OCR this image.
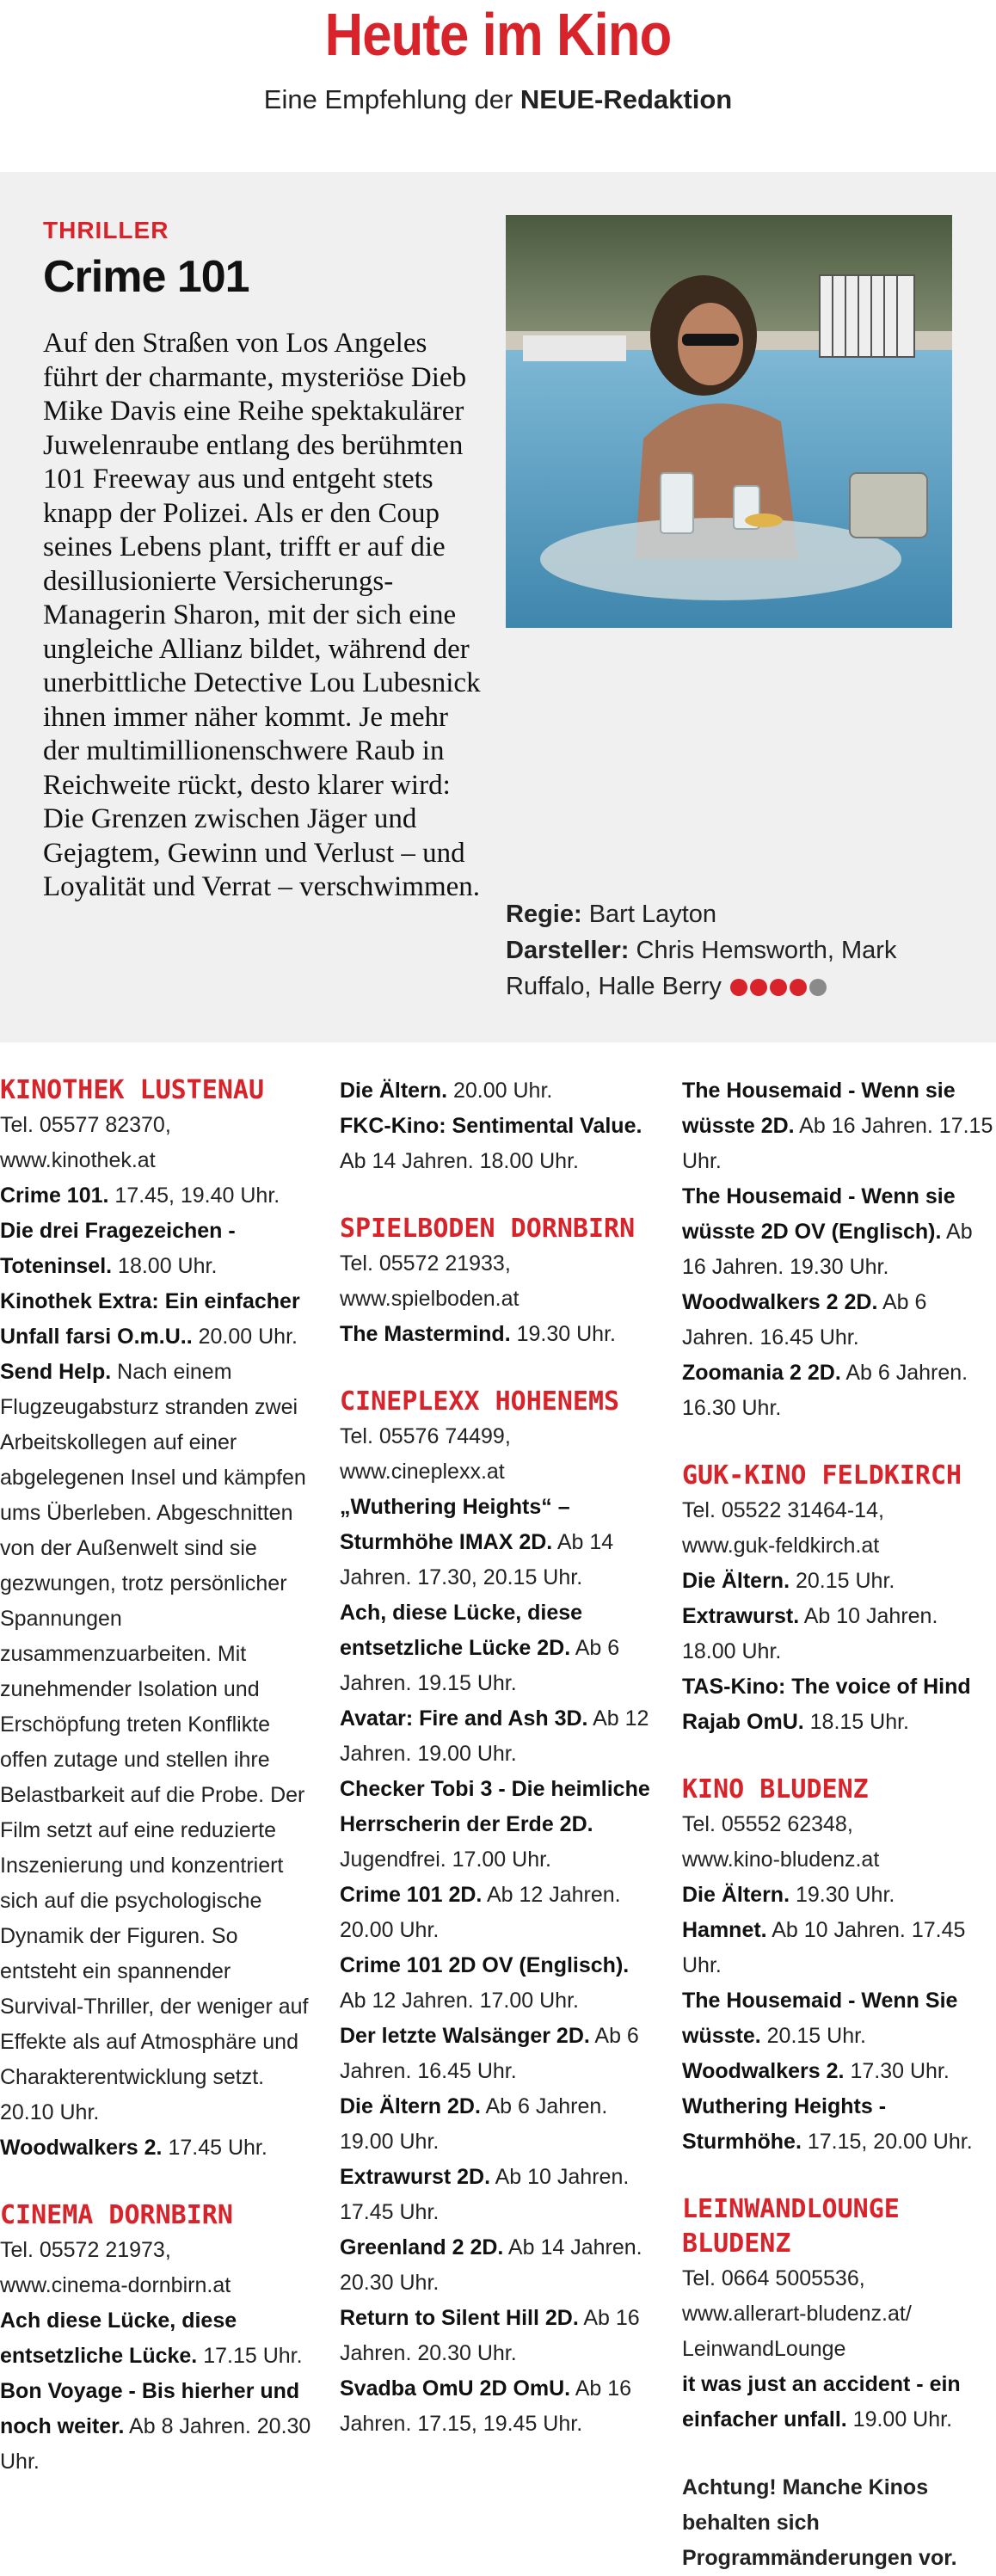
Heute im Kino
Eine Empfehlung der NEUE-Redaktion
THRILLER
Crime 101

Auf den Straßen von Los Angeles führt der charmante, mysteriöse Dieb Mike Davis eine Reihe spektakulärer Juwelenraube entlang des berühmten 101 Freeway aus und entgeht stets knapp der Polizei. Als er den Coup seines Lebens plant, trifft er auf die desillusionierte Versicherungs-Managerin Sharon, mit der sich eine ungleiche Allianz bildet, während der unerbittliche Detective Lou Lubesnick ihnen immer näher kommt. Je mehr der multimillionenschwere Raub in Reichweite rückt, desto klarer wird: Die Grenzen zwischen Jäger und Gejagtem, Gewinn und Verlust – und Loyalität und Verrat – verschwimmen.

Regie: Bart Layton
Darsteller: Chris Hemsworth, Mark Ruffalo, Halle Berry
KINOTHEK LUSTENAU
Tel. 05577 82370,
www.kinothek.at
Crime 101. 17.45, 19.40 Uhr.
Die drei Fragezeichen - Toteninsel. 18.00 Uhr.
Kinothek Extra: Ein einfacher Unfall farsi O.m.U.. 20.00 Uhr.
Send Help. Nach einem Flugzeugabsturz stranden zwei Arbeitskollegen auf einer abgelegenen Insel und kämpfen ums Überleben. Abgeschnitten von der Außenwelt sind sie gezwungen, trotz persönlicher Spannungen zusammenzuarbeiten. Mit zunehmender Isolation und Erschöpfung treten Konflikte offen zutage und stellen ihre Belastbarkeit auf die Probe. Der Film setzt auf eine reduzierte Inszenierung und konzentriert sich auf die psychologische Dynamik der Figuren. So entsteht ein spannender Survival-Thriller, der weniger auf Effekte als auf Atmosphäre und Charakterentwicklung setzt. 20.10 Uhr.
Woodwalkers 2. 17.45 Uhr.
CINEMA DORNBIRN
Tel. 05572 21973,
www.cinema-dornbirn.at
Ach diese Lücke, diese entsetzliche Lücke. 17.15 Uhr.
Bon Voyage - Bis hierher und noch weiter. Ab 8 Jahren. 20.30 Uhr.
Die Ältern. 20.00 Uhr.
FKC-Kino: Sentimental Value. Ab 14 Jahren. 18.00 Uhr.
SPIELBODEN DORNBIRN
Tel. 05572 21933,
www.spielboden.at
The Mastermind. 19.30 Uhr.
CINEPLEXX HOHENEMS
Tel. 05576 74499,
www.cineplexx.at
„Wuthering Heights“ – Sturmhöhe IMAX 2D. Ab 14 Jahren. 17.30, 20.15 Uhr.
Ach, diese Lücke, diese entsetzliche Lücke 2D. Ab 6 Jahren. 19.15 Uhr.
Avatar: Fire and Ash 3D. Ab 12 Jahren. 19.00 Uhr.
Checker Tobi 3 - Die heimliche Herrscherin der Erde 2D. Jugendfrei. 17.00 Uhr.
Crime 101 2D. Ab 12 Jahren. 20.00 Uhr.
Crime 101 2D OV (Englisch). Ab 12 Jahren. 17.00 Uhr.
Der letzte Walsänger 2D. Ab 6 Jahren. 16.45 Uhr.
Die Ältern 2D. Ab 6 Jahren. 19.00 Uhr.
Extrawurst 2D. Ab 10 Jahren. 17.45 Uhr.
Greenland 2 2D. Ab 14 Jahren. 20.30 Uhr.
Return to Silent Hill 2D. Ab 16 Jahren. 20.30 Uhr.
Svadba OmU 2D OmU. Ab 16 Jahren. 17.15, 19.45 Uhr.
The Housemaid - Wenn sie wüsste 2D. Ab 16 Jahren. 17.15 Uhr.
The Housemaid - Wenn sie wüsste 2D OV (Englisch). Ab 16 Jahren. 19.30 Uhr.
Woodwalkers 2 2D. Ab 6 Jahren. 16.45 Uhr.
Zoomania 2 2D. Ab 6 Jahren. 16.30 Uhr.
GUK-KINO FELDKIRCH
Tel. 05522 31464-14,
www.guk-feldkirch.at
Die Ältern. 20.15 Uhr.
Extrawurst. Ab 10 Jahren. 18.00 Uhr.
TAS-Kino: The voice of Hind Rajab OmU. 18.15 Uhr.
KINO BLUDENZ
Tel. 05552 62348,
www.kino-bludenz.at
Die Ältern. 19.30 Uhr.
Hamnet. Ab 10 Jahren. 17.45 Uhr.
The Housemaid - Wenn Sie wüsste. 20.15 Uhr.
Woodwalkers 2. 17.30 Uhr.
Wuthering Heights - Sturmhöhe. 17.15, 20.00 Uhr.
LEINWANDLOUNGE BLUDENZ
Tel. 0664 5005536,
www.allerart-bludenz.at/
LeinwandLounge
it was just an accident - ein einfacher unfall. 19.00 Uhr.
Achtung! Manche Kinos behalten sich Programmänderungen vor.
